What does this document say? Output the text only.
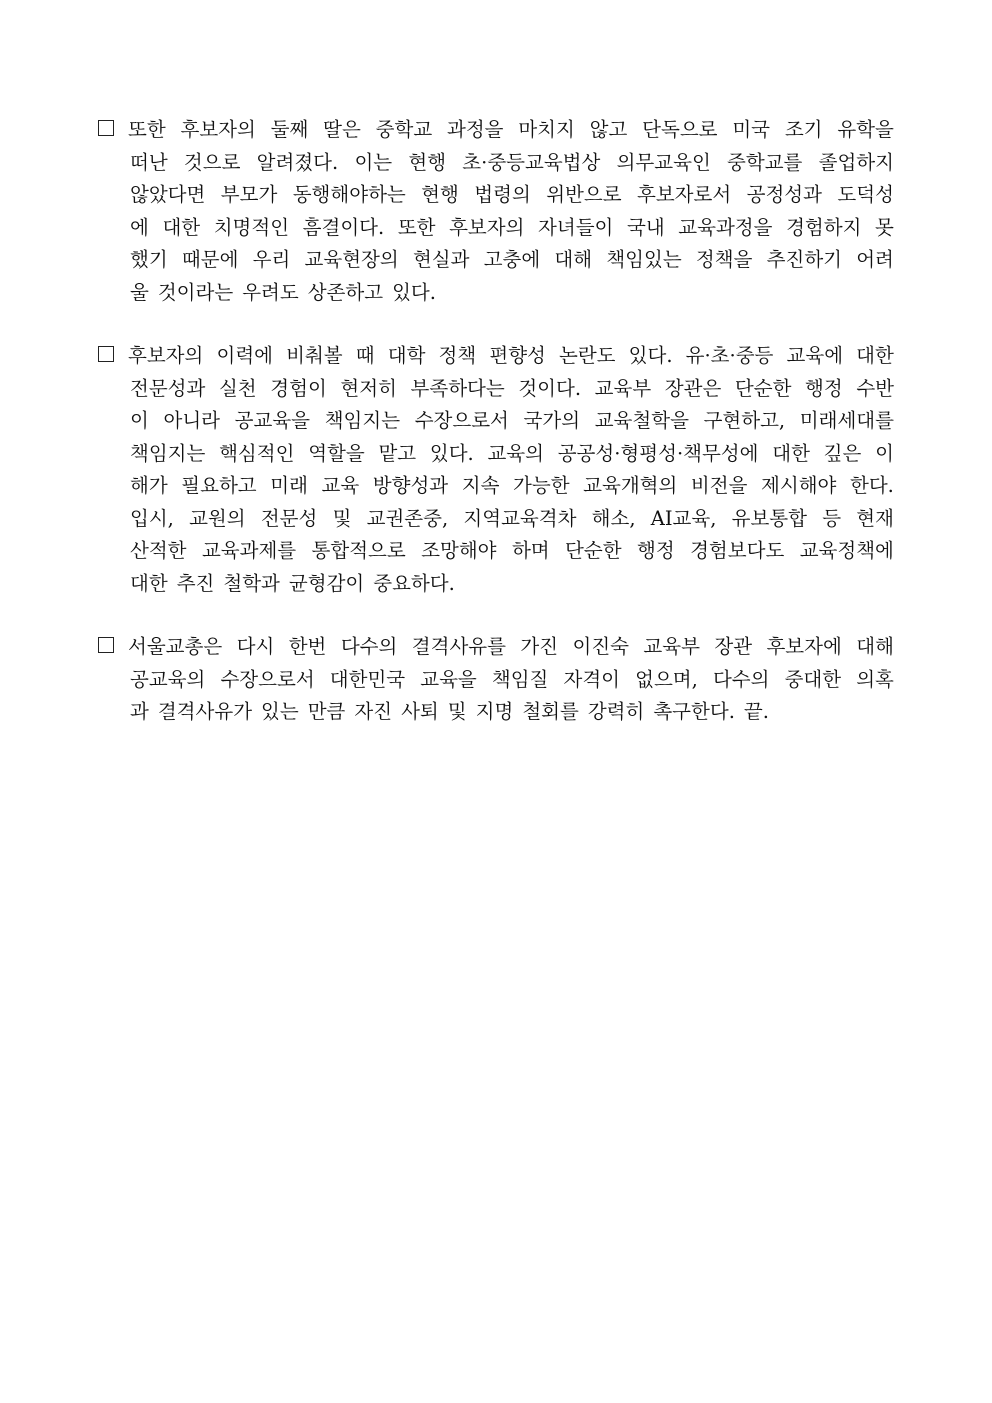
또한 후보자의 둘째 딸은 중학교 과정을 마치지 않고 단독으로 미국 조기 유학을
떠난 것으로 알려졌다. 이는 현행 초·중등교육법상 의무교육인 중학교를 졸업하지
않았다면 부모가 동행해야하는 현행 법령의 위반으로 후보자로서 공정성과 도덕성
에 대한 치명적인 흠결이다. 또한 후보자의 자녀들이 국내 교육과정을 경험하지 못
했기 때문에 우리 교육현장의 현실과 고충에 대해 책임있는 정책을 추진하기 어려
울 것이라는 우려도 상존하고 있다.
후보자의 이력에 비춰볼 때 대학 정책 편향성 논란도 있다. 유·초·중등 교육에 대한
전문성과 실천 경험이 현저히 부족하다는 것이다. 교육부 장관은 단순한 행정 수반
이 아니라 공교육을 책임지는 수장으로서 국가의 교육철학을 구현하고, 미래세대를
책임지는 핵심적인 역할을 맡고 있다. 교육의 공공성·형평성·책무성에 대한 깊은 이
해가 필요하고 미래 교육 방향성과 지속 가능한 교육개혁의 비전을 제시해야 한다.
입시, 교원의 전문성 및 교권존중, 지역교육격차 해소, AI교육, 유보통합 등 현재
산적한 교육과제를 통합적으로 조망해야 하며 단순한 행정 경험보다도 교육정책에
대한 추진 철학과 균형감이 중요하다.
서울교총은 다시 한번 다수의 결격사유를 가진 이진숙 교육부 장관 후보자에 대해
공교육의 수장으로서 대한민국 교육을 책임질 자격이 없으며, 다수의 중대한 의혹
과 결격사유가 있는 만큼 자진 사퇴 및 지명 철회를 강력히 촉구한다. 끝.
